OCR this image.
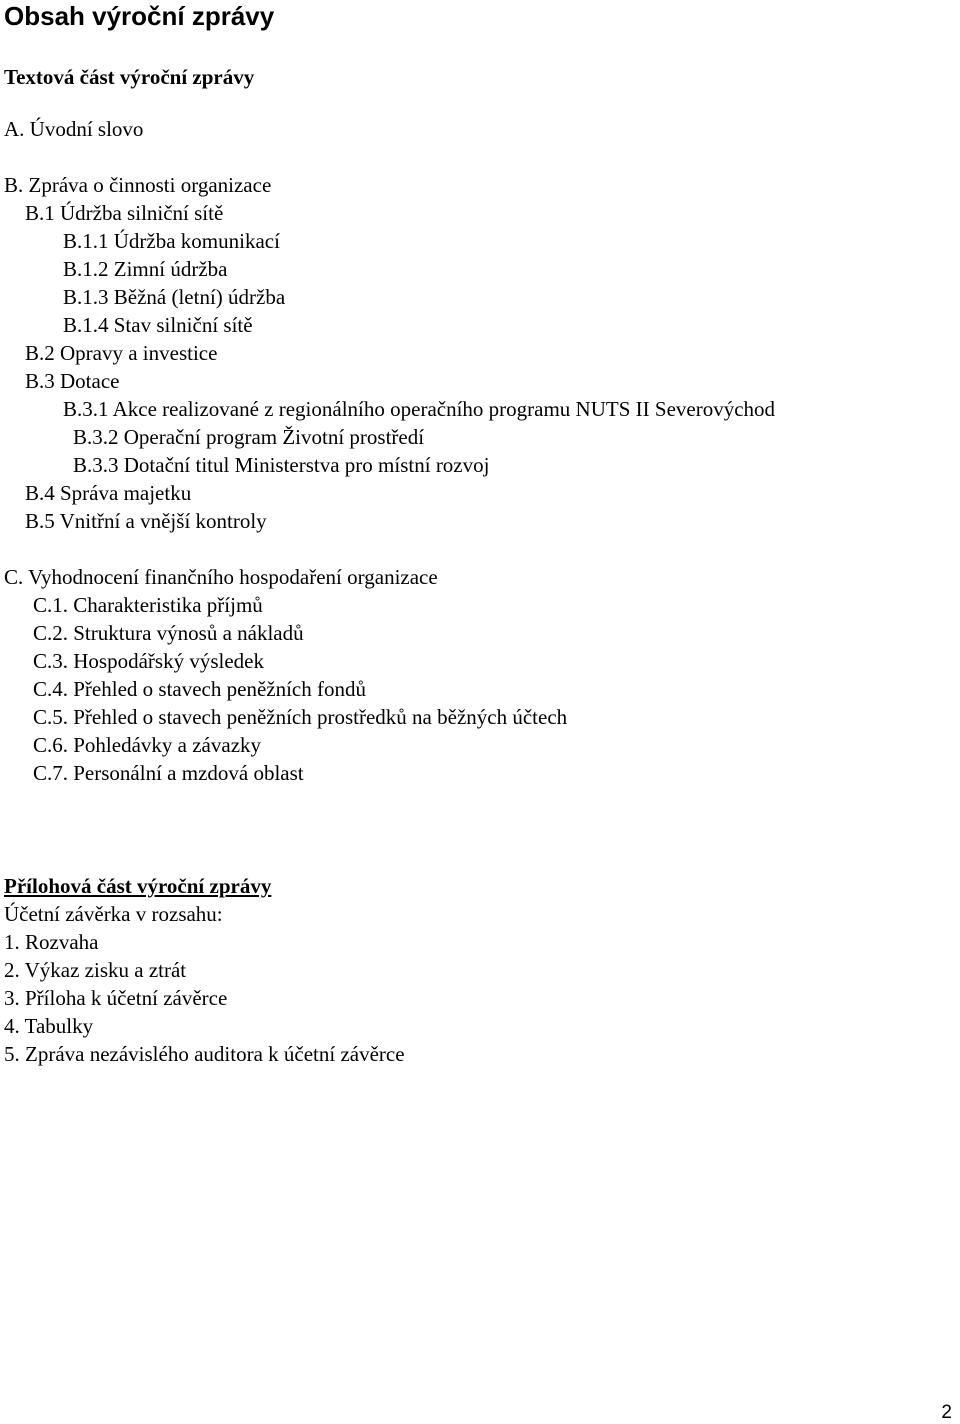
Obsah výroční zprávy
Textová část výroční zprávy
A. Úvodní slovo
B. Zpráva o činnosti organizace
B.1 Údržba silniční sítě
B.1.1 Údržba komunikací
B.1.2 Zimní údržba
B.1.3 Běžná (letní) údržba
B.1.4 Stav silniční sítě
B.2 Opravy a investice
B.3 Dotace
B.3.1 Akce realizované z regionálního operačního programu NUTS II Severovýchod
B.3.2 Operační program Životní prostředí
B.3.3 Dotační titul Ministerstva pro místní rozvoj
B.4 Správa majetku
B.5 Vnitřní a vnější kontroly
C. Vyhodnocení finančního hospodaření organizace
C.1. Charakteristika příjmů
C.2. Struktura výnosů a nákladů
C.3. Hospodářský výsledek
C.4. Přehled o stavech peněžních fondů
C.5. Přehled o stavech peněžních prostředků na běžných účtech
C.6. Pohledávky a závazky
C.7. Personální a mzdová oblast
Přílohová část výroční zprávy
Účetní závěrka v rozsahu:
1. Rozvaha
2. Výkaz zisku a ztrát
3. Příloha k účetní závěrce
4. Tabulky
5. Zpráva nezávislého auditora k účetní závěrce
2
